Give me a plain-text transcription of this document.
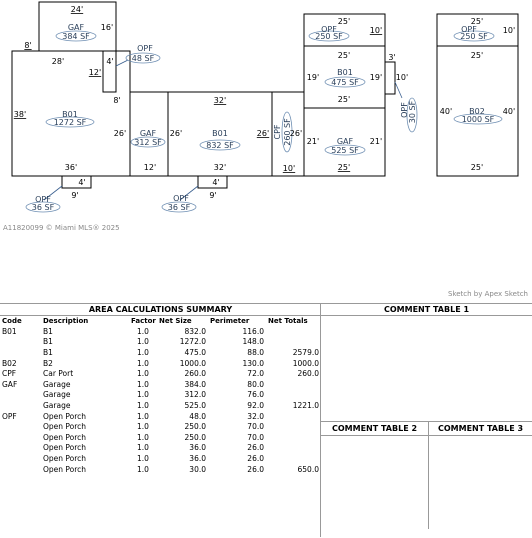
24'
16'
8'
28'	4'
12'
38'
8'
26'	26'	26'	26'
32'
32'
36'	12'	10'
4'
9'
4'
9'
25'
10'
25'
19'	19'
3'
10'
25'
21'	21'
25'
25'
10'
25'
40'	40'
25'
GAF
384 SF
OPF
48 SF
B01
1272 SF
GAF
312 SF
B01
832 SF
CPF 260 SF
OPF
250 SF
B01
475 SF
GAF
525 SF
OPF 30 SF
OPF
250 SF
B02
1000 SF
OPF
36 SF
OPF
36 SF
A11820099 © Miami MLS® 2025
Sketch by Apex Sketch
AREA CALCULATIONS SUMMARY
Code	Description	Factor	Net Size	Perimeter	Net Totals
B01	B1	1.0	832.0	116.0	
	B1	1.0	1272.0	148.0	
	B1	1.0	475.0	88.0	2579.0
B02	B2	1.0	1000.0	130.0	1000.0
CPF	Car Port	1.0	260.0	72.0	260.0
GAF	Garage	1.0	384.0	80.0	
	Garage	1.0	312.0	76.0	
	Garage	1.0	525.0	92.0	1221.0
OPF	Open Porch	1.0	48.0	32.0	
	Open Porch	1.0	250.0	70.0	
	Open Porch	1.0	250.0	70.0	
	Open Porch	1.0	36.0	26.0	
	Open Porch	1.0	36.0	26.0	
	Open Porch	1.0	30.0	26.0	650.0
COMMENT TABLE 1
COMMENT TABLE 2	COMMENT TABLE 3
